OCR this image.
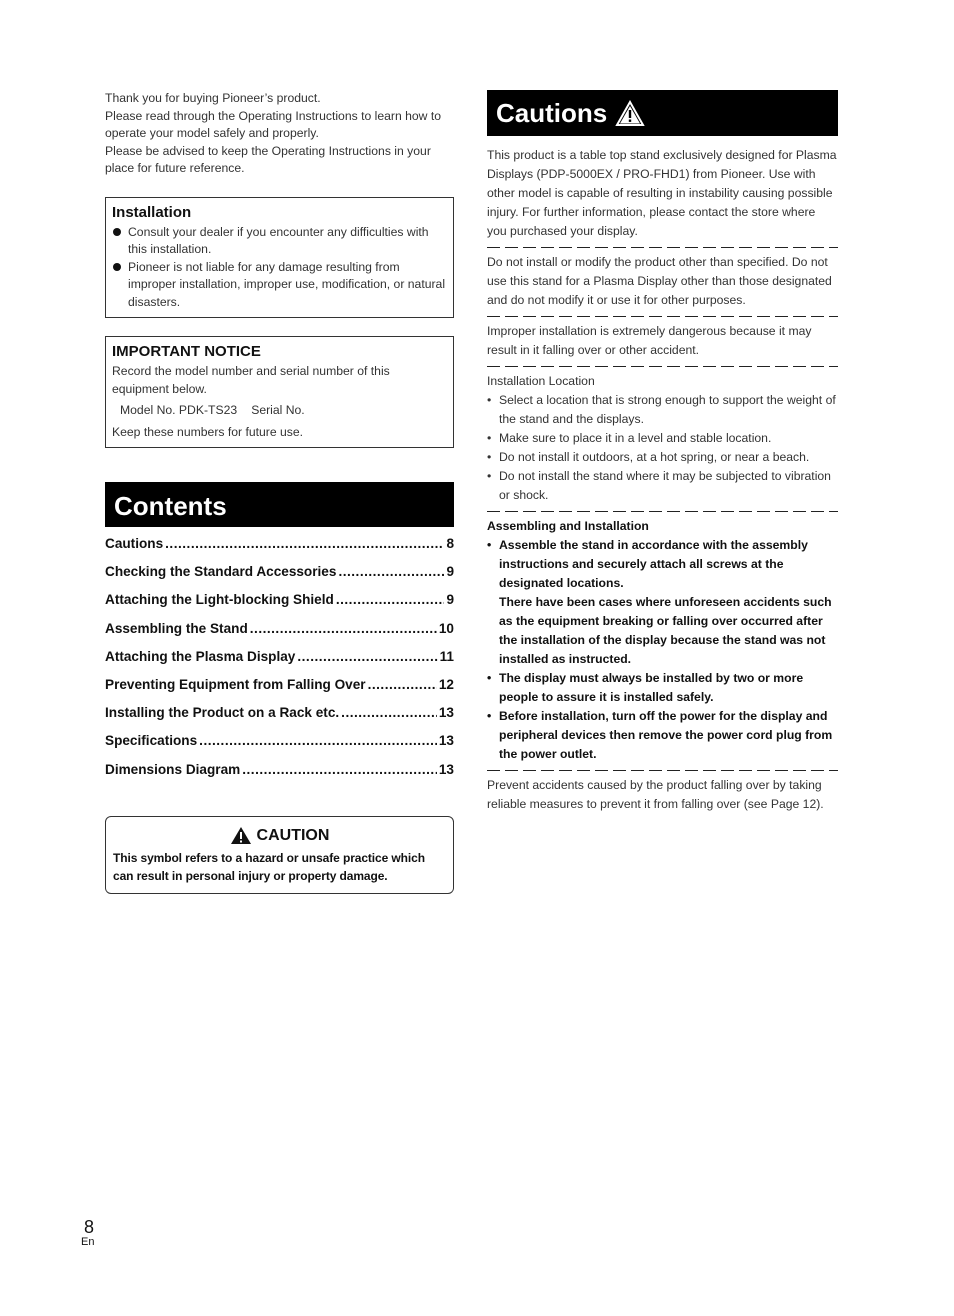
Thank you for buying Pioneer’s product.

Please read through the Operating Instructions to learn how to operate your model safely and properly.

Please be advised to keep the Operating Instructions in your place for future reference.

Installation
Consult your dealer if you encounter any difficulties with this installation.
Pioneer is not liable for any damage resulting from improper installation, improper use, modification, or natural disasters.
IMPORTANT NOTICE

Record the model number and serial number of this equipment below.

Model No. PDK-TS23 Serial No.

Keep these numbers for future use.

Contents
Cautions .....	8
Checking the Standard Accessories .....	9
Attaching the Light-blocking Shield .....	9
Assembling the Stand .....	10
Attaching the Plasma Display .....	11
Preventing Equipment from Falling Over .....	12
Installing the Product on a Rack etc. .....	13
Specifications .....	13
Dimensions Diagram .....	13
CAUTION

This symbol refers to a hazard or unsafe practice which can result in personal injury or property damage.

Cautions

This product is a table top stand exclusively designed for Plasma Displays (PDP-5000EX / PRO-FHD1) from Pioneer. Use with other model is capable of resulting in instability causing possible injury. For further information, please contact the store where you purchased your display.

Do not install or modify the product other than specified. Do not use this stand for a Plasma Display other than those designated and do not modify it or use it for other purposes.

Improper installation is extremely dangerous because it may result in it falling over or other accident.

Installation Location

• Select a location that is strong enough to support the weight of the stand and the displays.
• Make sure to place it in a level and stable location.
• Do not install it outdoors, at a hot spring, or near a beach.
• Do not install the stand where it may be subjected to vibration or shock.

Assembling and Installation

• Assemble the stand in accordance with the assembly instructions and securely attach all screws at the designated locations.
There have been cases where unforeseen accidents such as the equipment breaking or falling over occurred after the installation of the display because the stand was not installed as instructed.
• The display must always be installed by two or more people to assure it is installed safely.
• Before installation, turn off the power for the display and peripheral devices then remove the power cord plug from the power outlet.

Prevent accidents caused by the product falling over by taking reliable measures to prevent it from falling over (see Page 12).

8
En
